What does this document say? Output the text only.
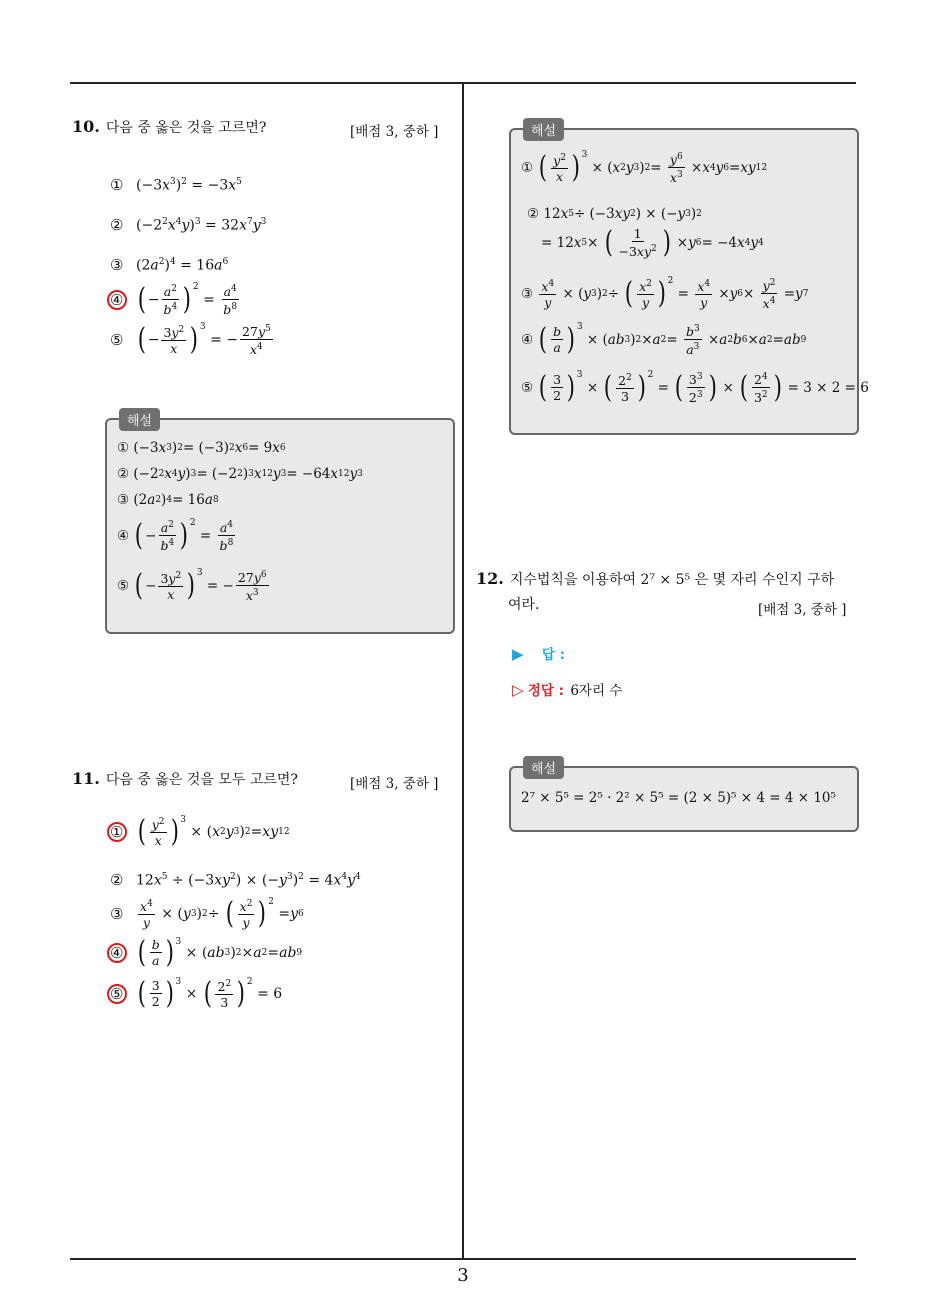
10. 다음 중 옳은 것을 고르면?	[배점 3, 중하 ]
① $(-3x^3)^2 = -3x^5$
② $(-2^2x^4y)^3 = 32x^7y^3$
③ $(2a^2)^4 = 16a^6$
④ ( − $\frac{a^2}{b^4} )^2$
= $\frac{a^4}{b^8}$
⑤ ( − $\frac{3y^2}{x} )^3$
= − $\frac{27y^5}{x^4}$
해설
① (−3 x 3 ) 2 = (−3) 2 x 6 = 9 x 6
② (−2 2 x 4 y ) 3 = (−2 2 ) 3 x 12 y 3 = −64 x 12 y 3
③ (2 a 2 ) 4 = 16 a 8
④ ( − $\frac{a^2}{b^4} )^2$
= $\frac{a^4}{b^8}$
⑤ ( − $\frac{3y^2}{x} )^3$
= − $\frac{27y^6}{x^3}$
11. 다음 중 옳은 것을 모두 고르면?	[배점 3, 중하 ]
① ( $\frac{y^2}{x} )^3$
× ( x 2 y 3 ) 2 = xy 12
② $12x^5 \div (-3xy^2) \times (-y^3)^2 = 4x^4y^4$
③	$\frac{x^4}{y}$ × ( y 3 ) 2 ÷ ( $\frac{x^2}{y} )^2$
= y 6
④ ( $\frac{b}{a} )^3$
× ( ab 3 ) 2 × a 2 = ab 9
⑤ ( $\frac{3}{2} )^3$
× ( $\frac{2^2}{3} )^2$
= 6
해설
① ( $\frac{y^2}{x} )^3$
× ( x 2 y 3 ) $2 = \frac{y^6}{x^3} \times x$ 4 y 6 = xy 12
② 12 x 5 ÷ (−3 xy 2 ) × (− y 3 ) 2
= 12 x 5 × ( $\frac{1}{-3xy^2}$ ) × y 6 = −4 x 4 y 4
③ $\frac{x^4}{y}$ × ( y 3 ) 2 ÷ ( $\frac{x^2}{y} )^2$
= $\frac{x^4}{y} \times y$ $6 \times \frac{y^2}{x^4} = y$ 7
④ ( $\frac{b}{a} )^3$
× ( ab 3 ) 2 × a $2 = \frac{b^3}{a^3} \times a$ 2 b 6 × a 2 = ab 9
⑤ ( $\frac{3}{2} )^3$
× ( $\frac{2^2}{3} )^2$
= ( $\frac{3^3}{2^3}$ ) × ( $\frac{2^4}{3^2}$ ) = 3 × 2 = 6
12. 지수법칙을 이용하여 2⁷ × 5⁵ 은 몇 자리 수인지 구하
여라.	[배점 3, 중하 ]
▶ 답 :
▷ 정답 : 6자리 수
해설
2⁷ × 5⁵ = 2⁵ · 2² × 5⁵ = (2 × 5)⁵ × 4 = 4 × 10⁵
3
